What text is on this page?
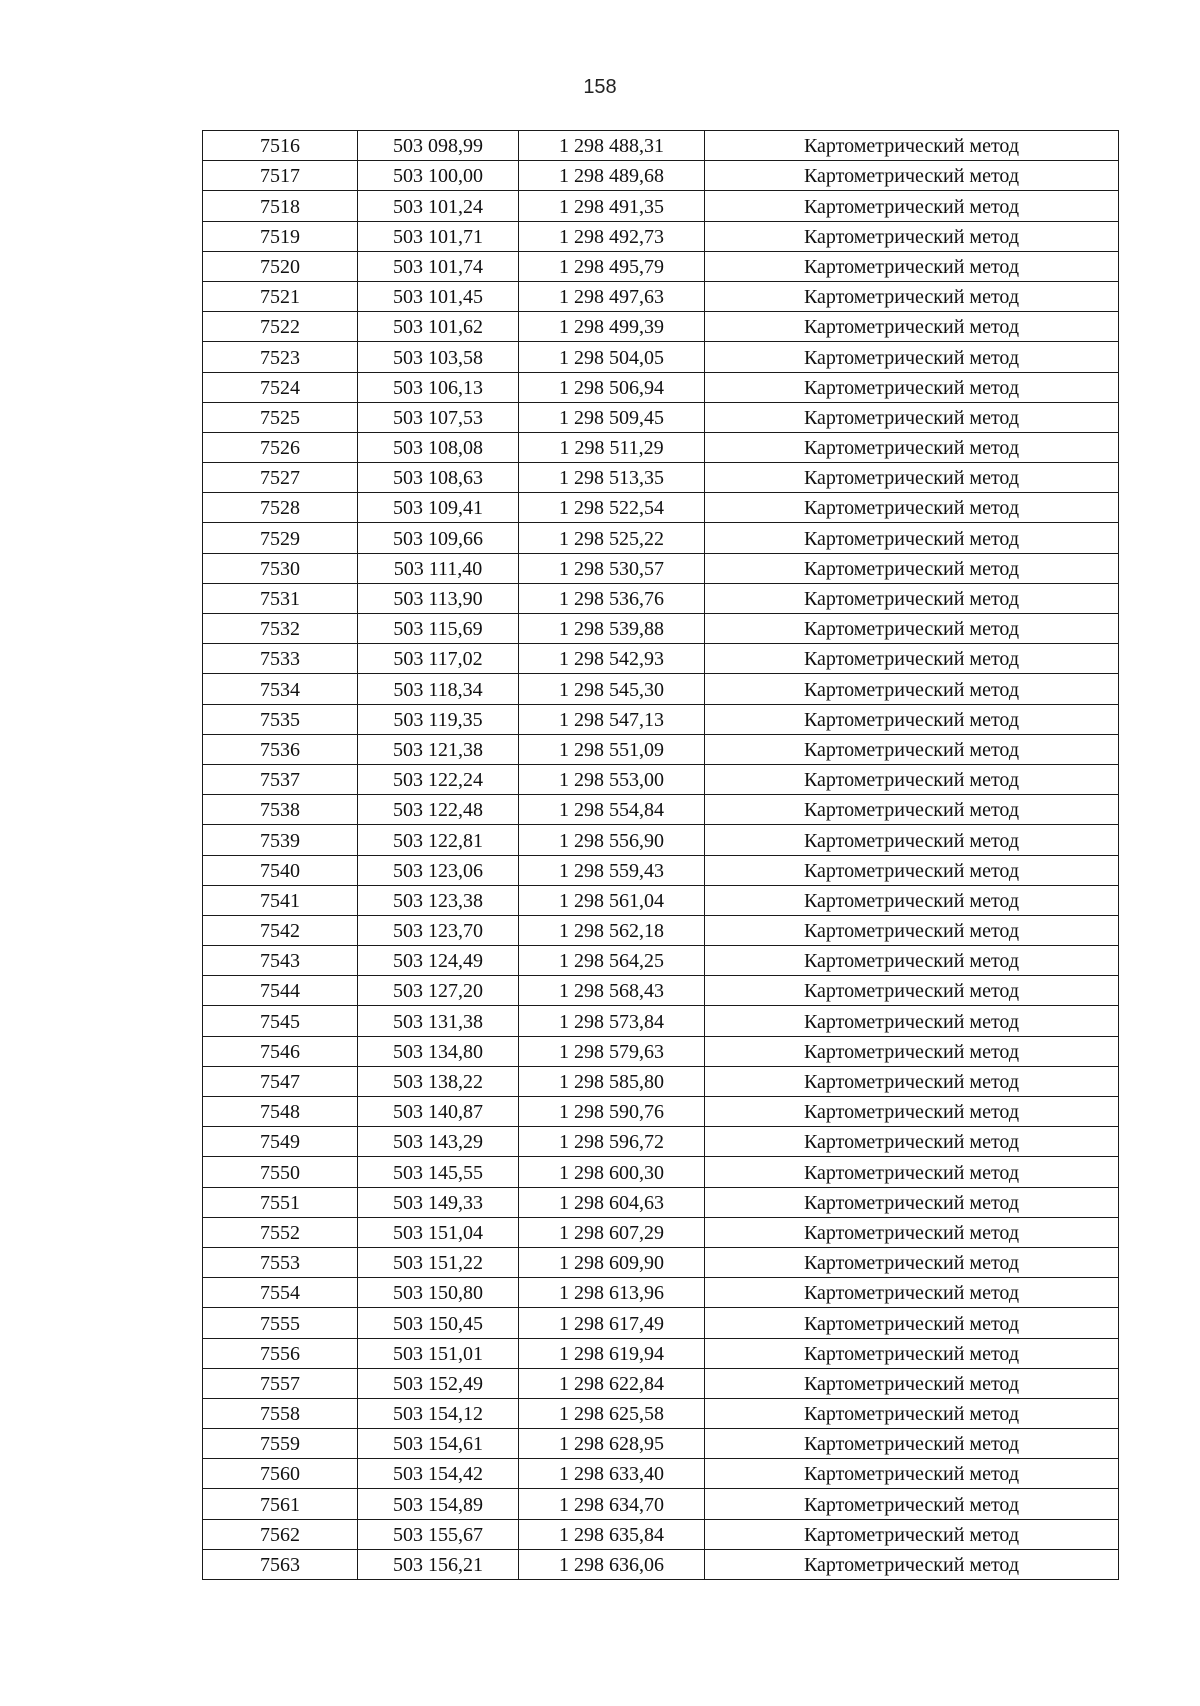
158
7516	503 098,99	1 298 488,31	Картометрический метод
7517	503 100,00	1 298 489,68	Картометрический метод
7518	503 101,24	1 298 491,35	Картометрический метод
7519	503 101,71	1 298 492,73	Картометрический метод
7520	503 101,74	1 298 495,79	Картометрический метод
7521	503 101,45	1 298 497,63	Картометрический метод
7522	503 101,62	1 298 499,39	Картометрический метод
7523	503 103,58	1 298 504,05	Картометрический метод
7524	503 106,13	1 298 506,94	Картометрический метод
7525	503 107,53	1 298 509,45	Картометрический метод
7526	503 108,08	1 298 511,29	Картометрический метод
7527	503 108,63	1 298 513,35	Картометрический метод
7528	503 109,41	1 298 522,54	Картометрический метод
7529	503 109,66	1 298 525,22	Картометрический метод
7530	503 111,40	1 298 530,57	Картометрический метод
7531	503 113,90	1 298 536,76	Картометрический метод
7532	503 115,69	1 298 539,88	Картометрический метод
7533	503 117,02	1 298 542,93	Картометрический метод
7534	503 118,34	1 298 545,30	Картометрический метод
7535	503 119,35	1 298 547,13	Картометрический метод
7536	503 121,38	1 298 551,09	Картометрический метод
7537	503 122,24	1 298 553,00	Картометрический метод
7538	503 122,48	1 298 554,84	Картометрический метод
7539	503 122,81	1 298 556,90	Картометрический метод
7540	503 123,06	1 298 559,43	Картометрический метод
7541	503 123,38	1 298 561,04	Картометрический метод
7542	503 123,70	1 298 562,18	Картометрический метод
7543	503 124,49	1 298 564,25	Картометрический метод
7544	503 127,20	1 298 568,43	Картометрический метод
7545	503 131,38	1 298 573,84	Картометрический метод
7546	503 134,80	1 298 579,63	Картометрический метод
7547	503 138,22	1 298 585,80	Картометрический метод
7548	503 140,87	1 298 590,76	Картометрический метод
7549	503 143,29	1 298 596,72	Картометрический метод
7550	503 145,55	1 298 600,30	Картометрический метод
7551	503 149,33	1 298 604,63	Картометрический метод
7552	503 151,04	1 298 607,29	Картометрический метод
7553	503 151,22	1 298 609,90	Картометрический метод
7554	503 150,80	1 298 613,96	Картометрический метод
7555	503 150,45	1 298 617,49	Картометрический метод
7556	503 151,01	1 298 619,94	Картометрический метод
7557	503 152,49	1 298 622,84	Картометрический метод
7558	503 154,12	1 298 625,58	Картометрический метод
7559	503 154,61	1 298 628,95	Картометрический метод
7560	503 154,42	1 298 633,40	Картометрический метод
7561	503 154,89	1 298 634,70	Картометрический метод
7562	503 155,67	1 298 635,84	Картометрический метод
7563	503 156,21	1 298 636,06	Картометрический метод
